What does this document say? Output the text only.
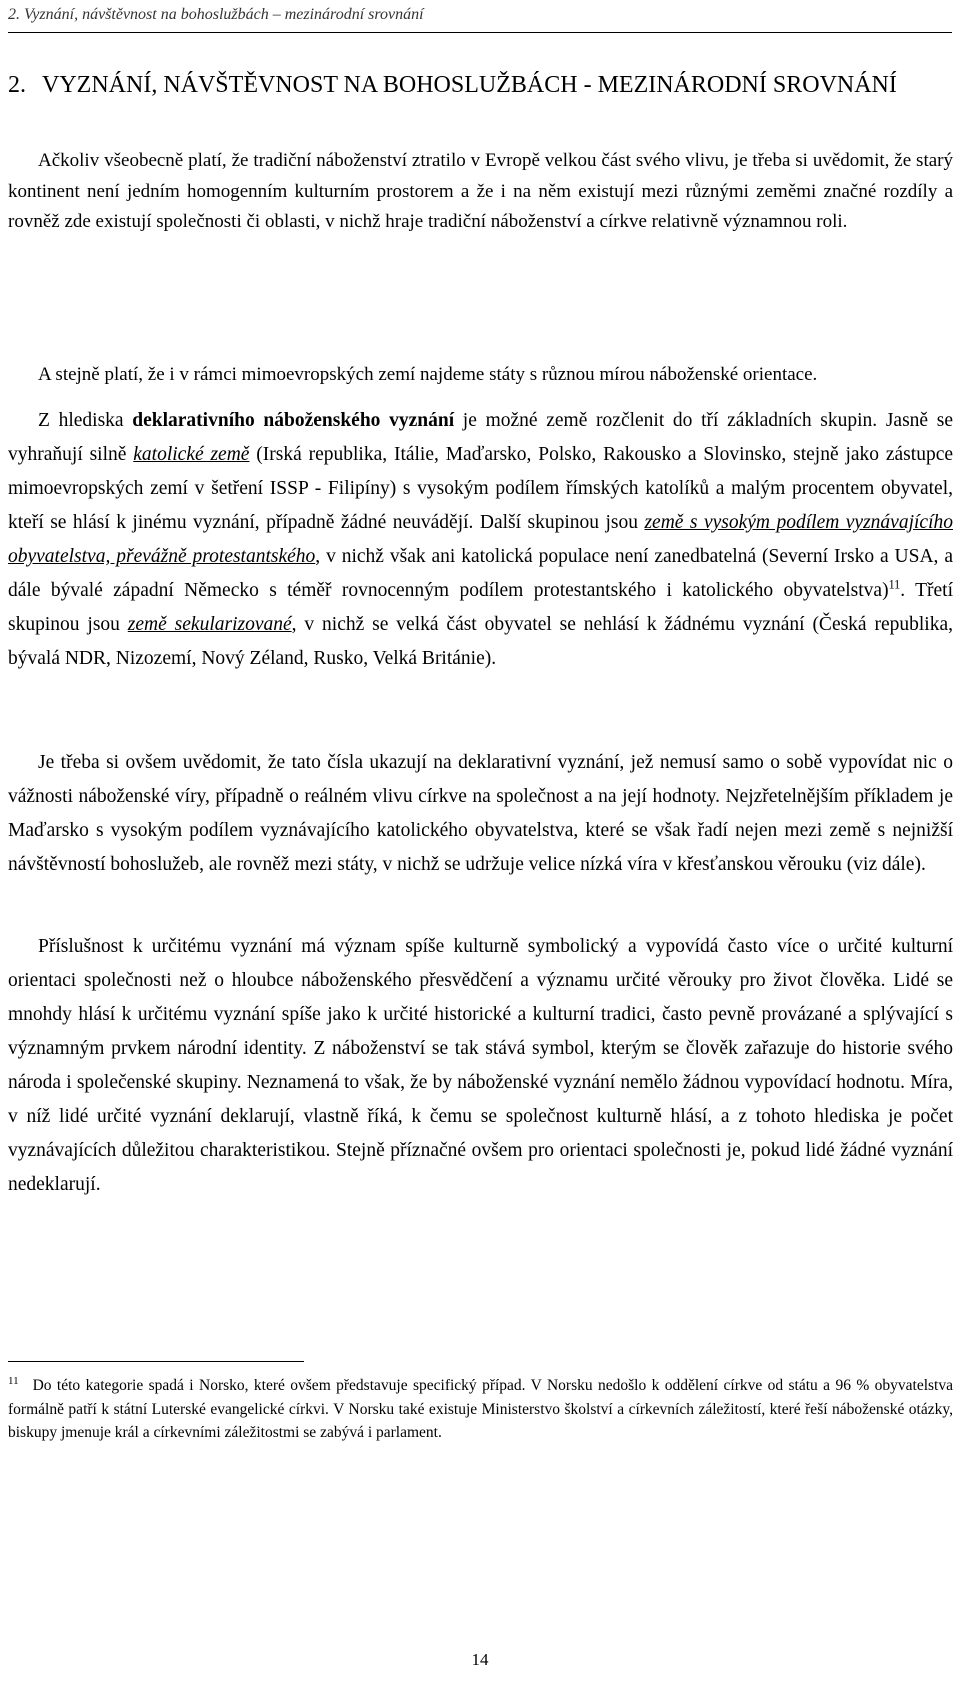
2. Vyznání, návštěvnost na bohoslužbách – mezinárodní srovnání
2. VYZNÁNÍ, NÁVŠTĚVNOST NA BOHOSLUŽBÁCH - MEZINÁRODNÍ SROVNÁNÍ

Ačkoliv všeobecně platí, že tradiční náboženství ztratilo v Evropě velkou část svého vlivu, je třeba si uvědomit, že starý kontinent není jedním homogenním kulturním prostorem a že i na něm existují mezi různými zeměmi značné rozdíly a rovněž zde existují společnosti či oblasti, v nichž hraje tradiční náboženství a církve relativně významnou roli.

A stejně platí, že i v rámci mimoevropských zemí najdeme státy s různou mírou náboženské orientace.

Z hlediska deklarativního náboženského vyznání je možné země rozčlenit do tří základních skupin. Jasně se vyhraňují silně katolické země (Irská republika, Itálie, Maďarsko, Polsko, Rakousko a Slovinsko, stejně jako zástupce mimoevropských zemí v šetření ISSP - Filipíny) s vysokým podílem římských katolíků a malým procentem obyvatel, kteří se hlásí k jinému vyznání, případně žádné neuvádějí. Další skupinou jsou země s vysokým podílem vyznávajícího obyvatelstva, převážně protestantského, v nichž však ani katolická populace není zanedbatelná (Severní Irsko a USA, a dále bývalé západní Německo s téměř rovnocenným podílem protestantského i katolického obyvatelstva)$^{11}$. Třetí skupinou jsou země sekularizované, v nichž se velká část obyvatel se nehlásí k žádnému vyznání (Česká republika, bývalá NDR, Nizozemí, Nový Zéland, Rusko, Velká Británie).

Je třeba si ovšem uvědomit, že tato čísla ukazují na deklarativní vyznání, jež nemusí samo o sobě vypovídat nic o vážnosti náboženské víry, případně o reálném vlivu církve na společnost a na její hodnoty. Nejzřetelnějším příkladem je Maďarsko s vysokým podílem vyznávajícího katolického obyvatelstva, které se však řadí nejen mezi země s nejnižší návštěvností bohoslužeb, ale rovněž mezi státy, v nichž se udržuje velice nízká víra v křesťanskou věrouku (viz dále).

Příslušnost k určitému vyznání má význam spíše kulturně symbolický a vypovídá často více o určité kulturní orientaci společnosti než o hloubce náboženského přesvědčení a významu určité věrouky pro život člověka. Lidé se mnohdy hlásí k určitému vyznání spíše jako k určité historické a kulturní tradici, často pevně provázané a splývající s významným prvkem národní identity. Z náboženství se tak stává symbol, kterým se člověk zařazuje do historie svého národa i společenské skupiny. Neznamená to však, že by náboženské vyznání nemělo žádnou vypovídací hodnotu. Míra, v níž lidé určité vyznání deklarují, vlastně říká, k čemu se společnost kulturně hlásí, a z tohoto hlediska je počet vyznávajících důležitou charakteristikou. Stejně příznačné ovšem pro orientaci společnosti je, pokud lidé žádné vyznání nedeklarují.

$^{11}$ Do této kategorie spadá i Norsko, které ovšem představuje specifický případ. V Norsku nedošlo k oddělení církve od státu a 96 % obyvatelstva formálně patří k státní Luterské evangelické církvi. V Norsku také existuje Ministerstvo školství a církevních záležitostí, které řeší náboženské otázky, biskupy jmenuje král a církevními záležitostmi se zabývá i parlament.

14
